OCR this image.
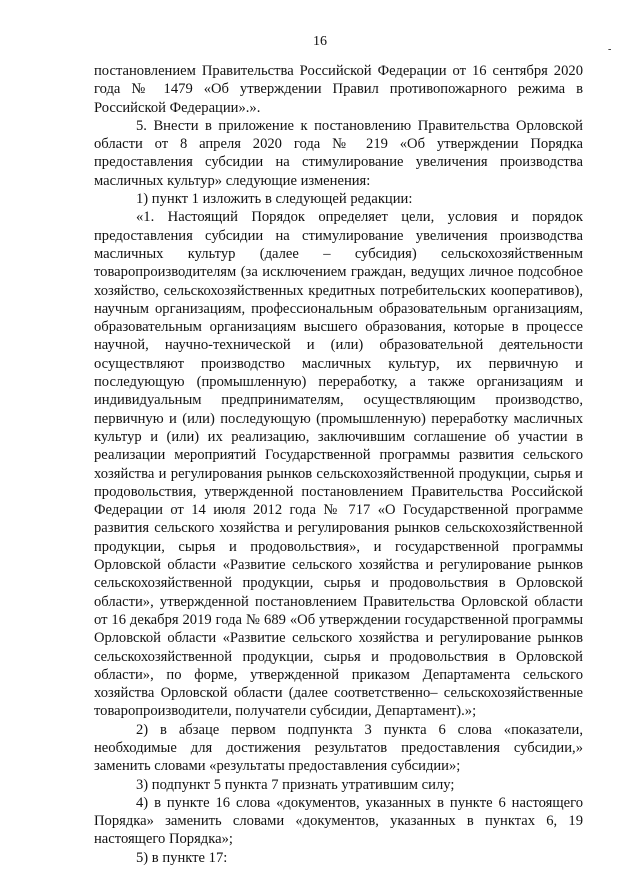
16
-

постановлением Правительства Российской Федерации от 16 сентября 2020 года № 1479 «Об утверждении Правил противопожарного режима в Российской Федерации».».

5. Внести в приложение к постановлению Правительства Орловской области от 8 апреля 2020 года № 219 «Об утверждении Порядка предоставления субсидии на стимулирование увеличения производства масличных культур» следующие изменения:

1) пункт 1 изложить в следующей редакции:

«1. Настоящий Порядок определяет цели, условия и порядок предоставления субсидии на стимулирование увеличения производства масличных культур (далее – субсидия) сельскохозяйственным товаропроизводителям (за исключением граждан, ведущих личное подсобное хозяйство, сельскохозяйственных кредитных потребительских кооперативов), научным организациям, профессиональным образовательным организациям, образовательным организациям высшего образования, которые в процессе научной, научно-технической и (или) образовательной деятельности осуществляют производство масличных культур, их первичную и последующую (промышленную) переработку, а также организациям и индивидуальным предпринимателям, осуществляющим производство, первичную и (или) последующую (промышленную) переработку масличных культур и (или) их реализацию, заключившим соглашение об участии в реализации мероприятий Государственной программы развития сельского хозяйства и регулирования рынков сельскохозяйственной продукции, сырья и продовольствия, утвержденной постановлением Правительства Российской Федерации от 14 июля 2012 года № 717 «О Государственной программе развития сельского хозяйства и регулирования рынков сельскохозяйственной продукции, сырья и продовольствия», и государственной программы Орловской области «Развитие сельского хозяйства и регулирование рынков сельскохозяйственной продукции, сырья и продовольствия в Орловской области», утвержденной постановлением Правительства Орловской области от 16 декабря 2019 года № 689 «Об утверждении государственной программы Орловской области «Развитие сельского хозяйства и регулирование рынков сельскохозяйственной продукции, сырья и продовольствия в Орловской области», по форме, утвержденной приказом Департамента сельского хозяйства Орловской области (далее соответственно– сельскохозяйственные товаропроизводители, получатели субсидии, Департамент).»;

2) в абзаце первом подпункта 3 пункта 6 слова «показатели, необходимые для достижения результатов предоставления субсидии,» заменить словами «результаты предоставления субсидии»;

3) подпункт 5 пункта 7 признать утратившим силу;

4) в пункте 16 слова «документов, указанных в пункте 6 настоящего Порядка» заменить словами «документов, указанных в пунктах 6, 19 настоящего Порядка»;

5) в пункте 17:
